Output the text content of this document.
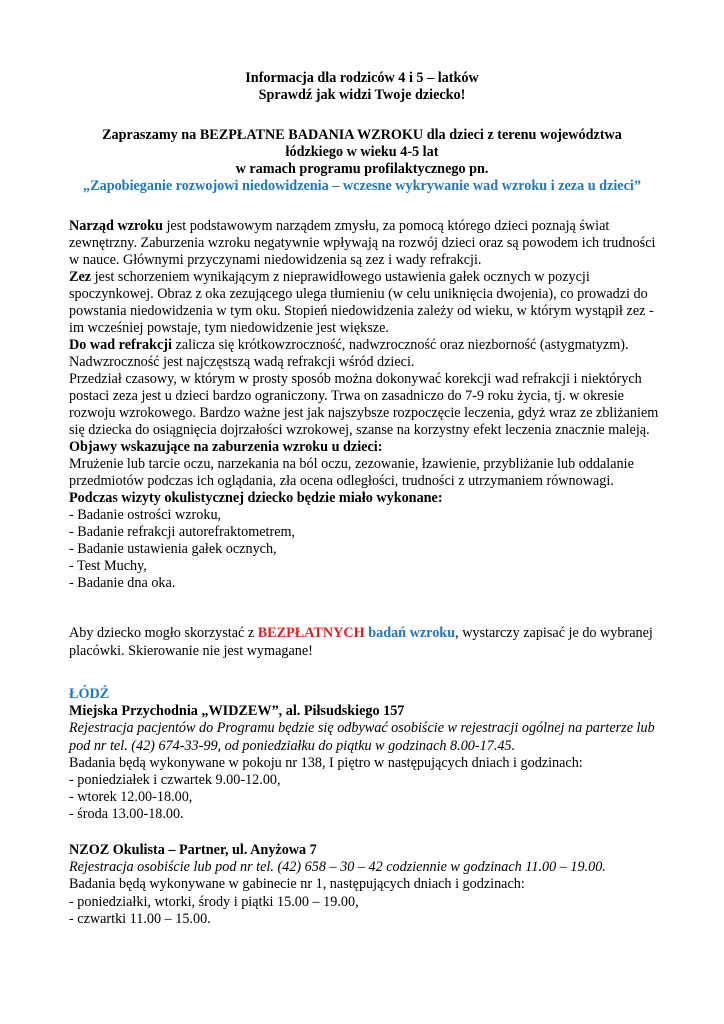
Informacja dla rodziców 4 i 5 – latków
Sprawdź jak widzi Twoje dziecko!
Zapraszamy na BEZPŁATNE BADANIA WZROKU dla dzieci z terenu województwa
łódzkiego w wieku 4-5 lat
w ramach programu profilaktycznego pn.
„Zapobieganie rozwojowi niedowidzenia – wczesne wykrywanie wad wzroku i zeza u dzieci”

Narząd wzroku jest podstawowym narządem zmysłu, za pomocą którego dzieci poznają świat zewnętrzny. Zaburzenia wzroku negatywnie wpływają na rozwój dzieci oraz są powodem ich trudności w nauce. Głównymi przyczynami niedowidzenia są zez i wady refrakcji.

Zez jest schorzeniem wynikającym z nieprawidłowego ustawienia gałek ocznych w pozycji spoczynkowej. Obraz z oka zezującego ulega tłumieniu (w celu uniknięcia dwojenia), co prowadzi do powstania niedowidzenia w tym oku. Stopień niedowidzenia zależy od wieku, w którym wystąpił zez - im wcześniej powstaje, tym niedowidzenie jest większe.

Do wad refrakcji zalicza się krótkowzroczność, nadwzroczność oraz niezborność (astygmatyzm). Nadwzroczność jest najczęstszą wadą refrakcji wśród dzieci.

Przedział czasowy, w którym w prosty sposób można dokonywać korekcji wad refrakcji i niektórych postaci zeza jest u dzieci bardzo ograniczony. Trwa on zasadniczo do 7-9 roku życia, tj. w okresie rozwoju wzrokowego. Bardzo ważne jest jak najszybsze rozpoczęcie leczenia, gdyż wraz ze zbliżaniem się dziecka do osiągnięcia dojrzałości wzrokowej, szanse na korzystny efekt leczenia znacznie maleją.

Objawy wskazujące na zaburzenia wzroku u dzieci:

Mrużenie lub tarcie oczu, narzekania na ból oczu, zezowanie, łzawienie, przybliżanie lub oddalanie przedmiotów podczas ich oglądania, zła ocena odległości, trudności z utrzymaniem równowagi.

Podczas wizyty okulistycznej dziecko będzie miało wykonane:

- Badanie ostrości wzroku,
- Badanie refrakcji autorefraktometrem,
- Badanie ustawienia gałek ocznych,
- Test Muchy,
- Badanie dna oka.
Aby dziecko mogło skorzystać z BEZPŁATNYCH badań wzroku, wystarczy zapisać je do wybranej placówki. Skierowanie nie jest wymagane!
ŁÓDŹ
Miejska Przychodnia „WIDZEW”, al. Piłsudskiego 157
Rejestracja pacjentów do Programu będzie się odbywać osobiście w rejestracji ogólnej na parterze lub pod nr tel. (42) 674-33-99, od poniedziałku do piątku w godzinach 8.00-17.45.
Badania będą wykonywane w pokoju nr 138, I piętro w następujących dniach i godzinach:
- poniedziałek i czwartek 9.00-12.00,
- wtorek 12.00-18.00,
- środa 13.00-18.00.
NZOZ Okulista – Partner, ul. Anyżowa 7
Rejestracja osobiście lub pod nr tel. (42) 658 – 30 – 42 codziennie w godzinach 11.00 – 19.00.
Badania będą wykonywane w gabinecie nr 1, następujących dniach i godzinach:
- poniedziałki, wtorki, środy i piątki 15.00 – 19.00,
- czwartki 11.00 – 15.00.
